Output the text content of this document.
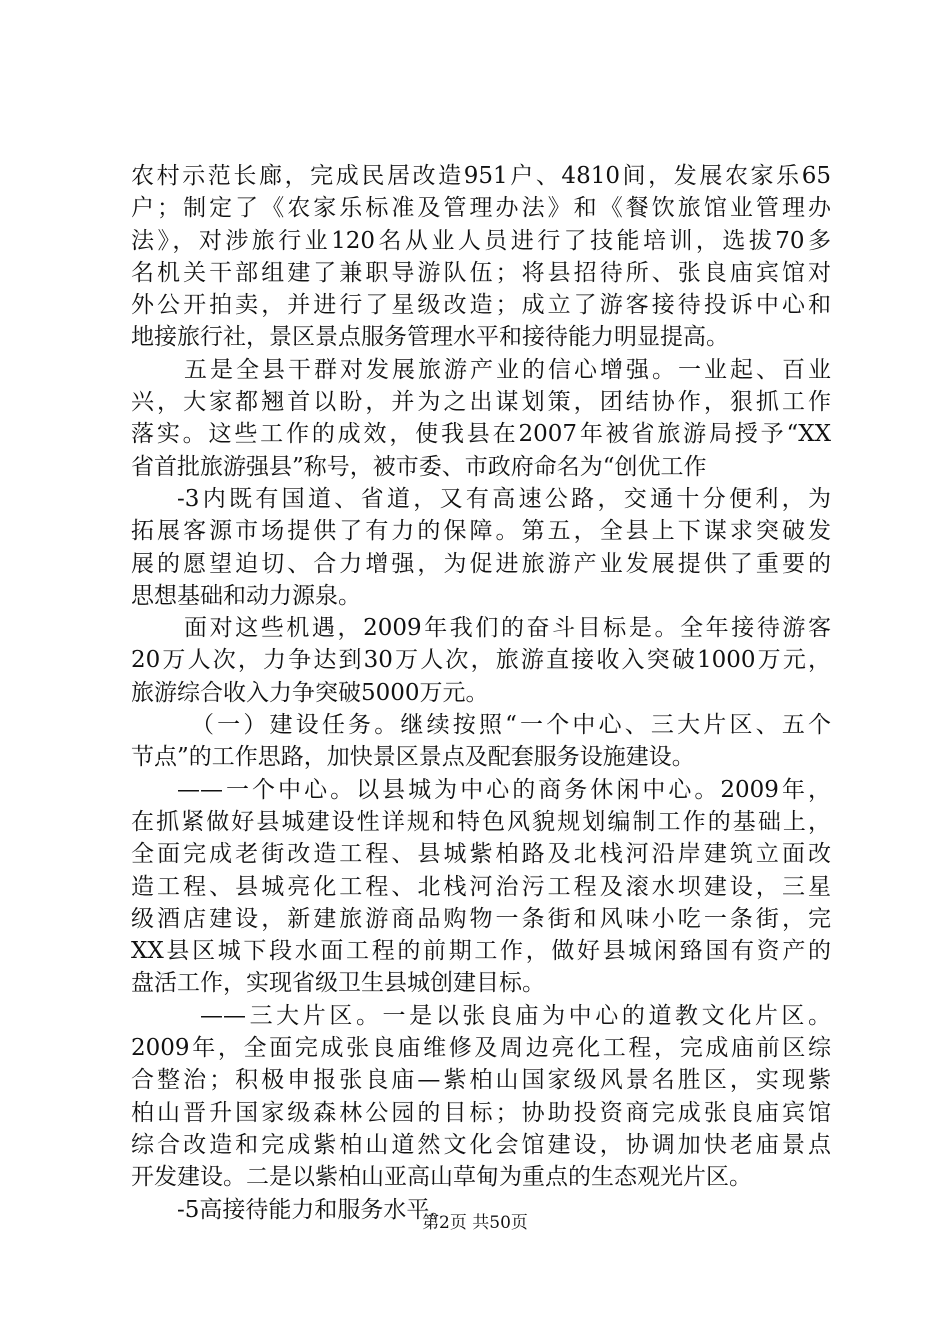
农村示范长廊，完成民居改造951户、4810间，发展农家乐65
户；制定了《农家乐标准及管理办法》和《餐饮旅馆业管理办
法》，对涉旅行业120名从业人员进行了技能培训，选拔70多
名机关干部组建了兼职导游队伍；将县招待所、张良庙宾馆对
外公开拍卖，并进行了星级改造；成立了游客接待投诉中心和
地接旅行社，景区景点服务管理水平和接待能力明显提高。
五是全县干群对发展旅游产业的信心增强。一业起、百业
兴，大家都翘首以盼，并为之出谋划策，团结协作，狠抓工作
落实。这些工作的成效，使我县在2007年被省旅游局授予“XX
省首批旅游强县”称号，被市委、市政府命名为“创优工作
-3内既有国道、省道，又有高速公路，交通十分便利，为
拓展客源市场提供了有力的保障。第五，全县上下谋求突破发
展的愿望迫切、合力增强，为促进旅游产业发展提供了重要的
思想基础和动力源泉。
面对这些机遇，2009年我们的奋斗目标是。全年接待游客
20万人次，力争达到30万人次，旅游直接收入突破1000万元，
旅游综合收入力争突破5000万元。
（一）建设任务。继续按照“一个中心、三大片区、五个
节点”的工作思路，加快景区景点及配套服务设施建设。
——一个中心。以县城为中心的商务休闲中心。2009年，
在抓紧做好县城建设性详规和特色风貌规划编制工作的基础上，
全面完成老街改造工程、县城紫柏路及北栈河沿岸建筑立面改
造工程、县城亮化工程、北栈河治污工程及滚水坝建设，三星
级酒店建设，新建旅游商品购物一条街和风味小吃一条街，完
XX县区城下段水面工程的前期工作，做好县城闲臵国有资产的
盘活工作，实现省级卫生县城创建目标。
——三大片区。一是以张良庙为中心的道教文化片区。
2009年，全面完成张良庙维修及周边亮化工程，完成庙前区综
合整治；积极申报张良庙—紫柏山国家级风景名胜区，实现紫
柏山晋升国家级森林公园的目标；协助投资商完成张良庙宾馆
综合改造和完成紫柏山道然文化会馆建设，协调加快老庙景点
开发建设。二是以紫柏山亚高山草甸为重点的生态观光片区。
-5高接待能力和服务水平。
第2页 共50页
